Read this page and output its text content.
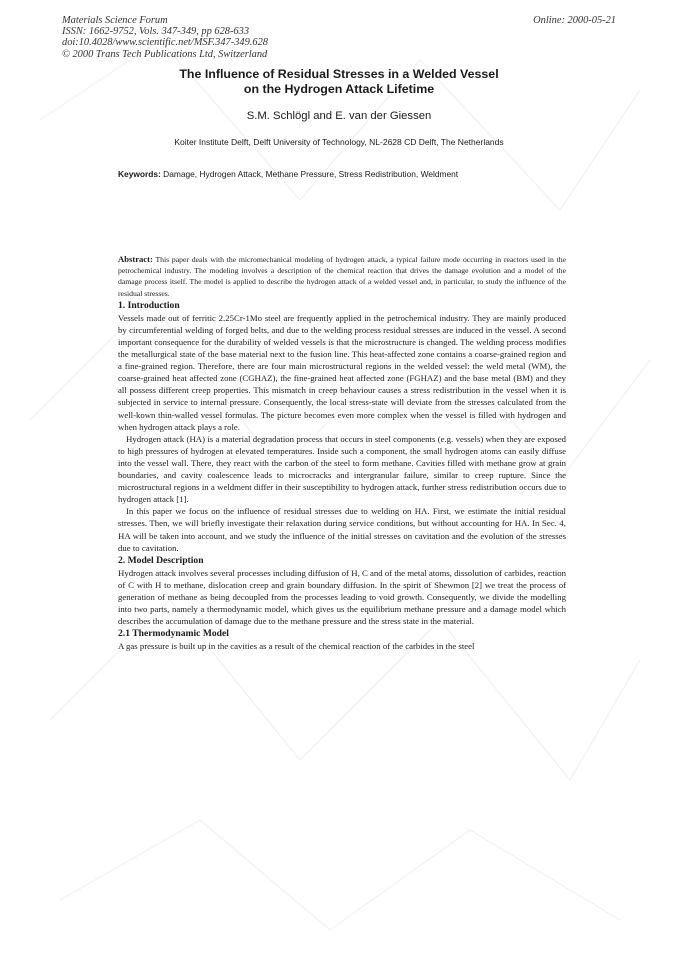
Materials Science Forum
ISSN: 1662-9752, Vols. 347-349, pp 628-633
doi:10.4028/www.scientific.net/MSF.347-349.628
© 2000 Trans Tech Publications Ltd, Switzerland
Online: 2000-05-21
The Influence of Residual Stresses in a Welded Vessel
on the Hydrogen Attack Lifetime
S.M. Schlögl and E. van der Giessen
Koiter Institute Delft, Delft University of Technology, NL-2628 CD Delft, The Netherlands
Keywords: Damage, Hydrogen Attack, Methane Pressure, Stress Redistribution, Weldment

Abstract: This paper deals with the micromechanical modeling of hydrogen attack, a typical failure mode occurring in reactors used in the petrochemical industry. The modeling involves a description of the chemical reaction that drives the damage evolution and a model of the damage process itself. The model is applied to describe the hydrogen attack of a welded vessel and, in particular, to study the influence of the residual stresses.

1. Introduction

Vessels made out of ferritic 2.25Cr-1Mo steel are frequently applied in the petrochemical industry. They are mainly produced by circumferential welding of forged belts, and due to the welding process residual stresses are induced in the vessel. A second important consequence for the durability of welded vessels is that the microstructure is changed. The welding process modifies the metallurgical state of the base material next to the fusion line. This heat-affected zone contains a coarse-grained region and a fine-grained region. Therefore, there are four main microstructural regions in the welded vessel: the weld metal (WM), the coarse-grained heat affected zone (CGHAZ), the fine-grained heat affected zone (FGHAZ) and the base metal (BM) and they all possess different creep properties. This mismatch in creep behaviour causes a stress redistribution in the vessel when it is subjected in service to internal pressure. Consequently, the local stress-state will deviate from the stresses calculated from the well-kown thin-walled vessel formulas. The picture becomes even more complex when the vessel is filled with hydrogen and when hydrogen attack plays a role.

Hydrogen attack (HA) is a material degradation process that occurs in steel components (e.g. vessels) when they are exposed to high pressures of hydrogen at elevated temperatures. Inside such a component, the small hydrogen atoms can easily diffuse into the vessel wall. There, they react with the carbon of the steel to form methane. Cavities filled with methane grow at grain boundaries, and cavity coalescence leads to microcracks and intergranular failure, similar to creep rupture. Since the microstructural regions in a weldment differ in their susceptibility to hydrogen attack, further stress redistribution occurs due to hydrogen attack [1].

In this paper we focus on the influence of residual stresses due to welding on HA. First, we estimate the initial residual stresses. Then, we will briefly investigate their relaxation during service conditions, but without accounting for HA. In Sec. 4, HA will be taken into account, and we study the influence of the initial stresses on cavitation and the evolution of the stresses due to cavitation.

2. Model Description

Hydrogen attack involves several processes including diffusion of H, C and of the metal atoms, dissolution of carbides, reaction of C with H to methane, dislocation creep and grain boundary diffusion. In the spirit of Shewmon [2] we treat the process of generation of methane as being decoupled from the processes leading to void growth. Consequently, we divide the modelling into two parts, namely a thermodynamic model, which gives us the equilibrium methane pressure and a damage model which describes the accumulation of damage due to the methane pressure and the stress state in the material.

2.1 Thermodynamic Model

A gas pressure is built up in the cavities as a result of the chemical reaction of the carbides in the steel
